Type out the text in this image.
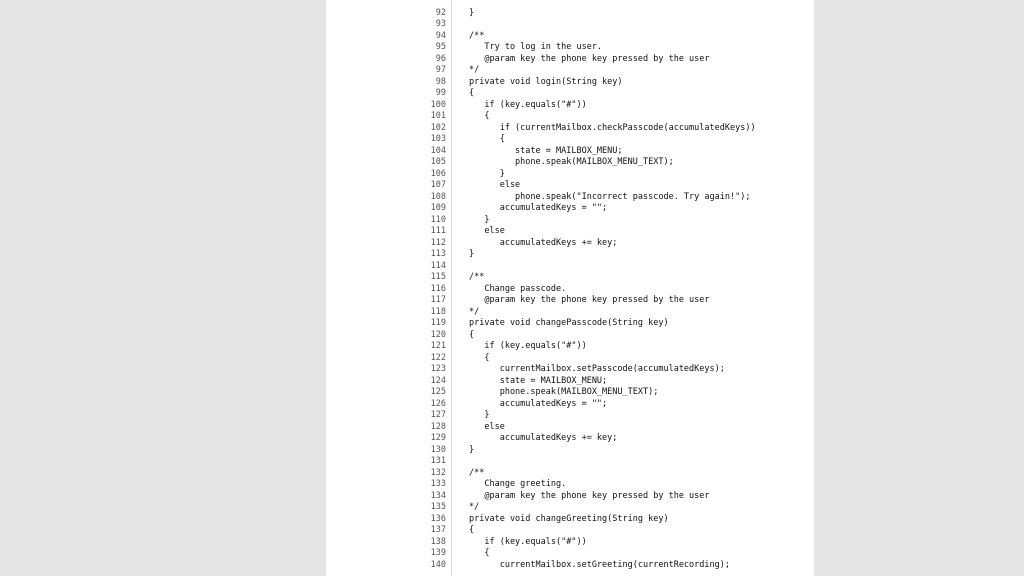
92	}
93
94	/**
95	Try to log in the user.
96	@param key the phone key pressed by the user
97	*/
98	private void login(String key)
99	{
100	if (key.equals("#"))
101	{
102	if (currentMailbox.checkPasscode(accumulatedKeys))
103	{
104	state = MAILBOX_MENU;
105	phone.speak(MAILBOX_MENU_TEXT);
106	}
107	else
108	phone.speak("Incorrect passcode. Try again!");
109	accumulatedKeys = "";
110	}
111	else
112	accumulatedKeys += key;
113	}
114
115	/**
116	Change passcode.
117	@param key the phone key pressed by the user
118	*/
119	private void changePasscode(String key)
120	{
121	if (key.equals("#"))
122	{
123	currentMailbox.setPasscode(accumulatedKeys);
124	state = MAILBOX_MENU;
125	phone.speak(MAILBOX_MENU_TEXT);
126	accumulatedKeys = "";
127	}
128	else
129	accumulatedKeys += key;
130	}
131
132	/**
133	Change greeting.
134	@param key the phone key pressed by the user
135	*/
136	private void changeGreeting(String key)
137	{
138	if (key.equals("#"))
139	{
140	currentMailbox.setGreeting(currentRecording);
